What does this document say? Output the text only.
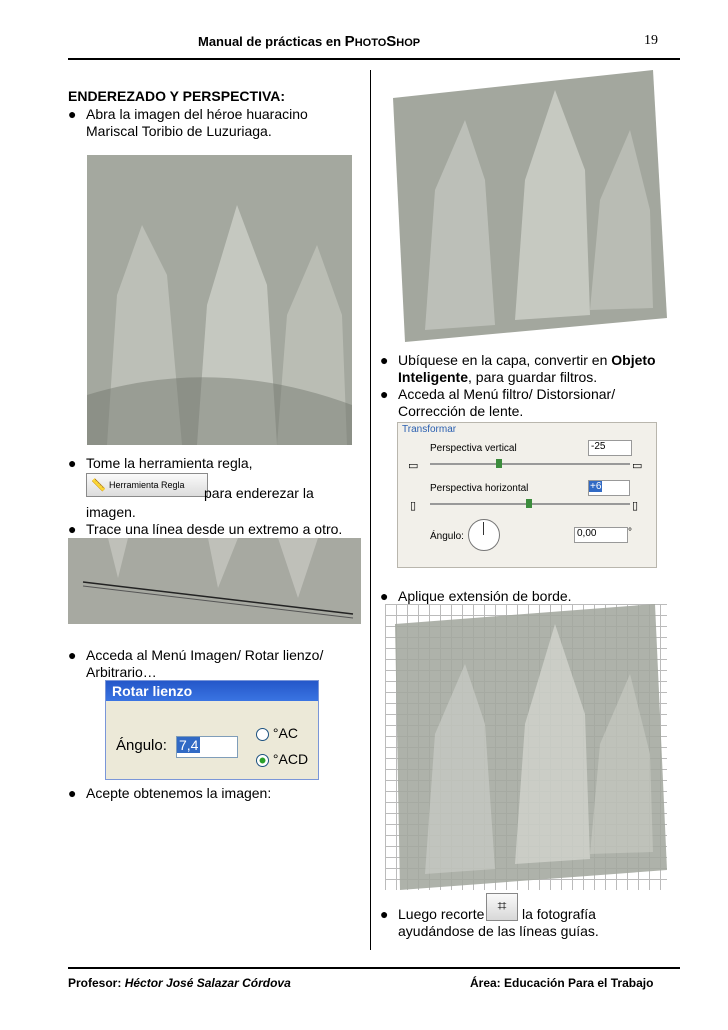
Manual de prácticas en PHOTOSHOP	19
ENDEREZADO Y PERSPECTIVA:
● Abra la imagen del héroe huaracino
Mariscal Toribio de Luzuriaga.
● Tome la herramienta regla,
📏 Herramienta Regla para enderezar la
imagen.
● Trace una línea desde un extremo a otro.
● Acceda al Menú Imagen/ Rotar lienzo/
Arbitrario…
Rotar lienzo
Ángulo: 7,4
°AC
°ACD
● Acepte obtenemos la imagen:
● Ubíquese en la capa, convertir en Objeto
Inteligente, para guardar filtros.
● Acceda al Menú filtro/ Distorsionar/
Corrección de lente.
Transformar
Perspectiva vertical	-25
▭	▭
Perspectiva horizontal	+6
▯	▯
Ángulo:	0,00	°
● Aplique extensión de borde.
● Luego recorte ⌗	la fotografía
ayudándose de las líneas guías.
Profesor: Héctor José Salazar Córdova	Área: Educación Para el Trabajo
